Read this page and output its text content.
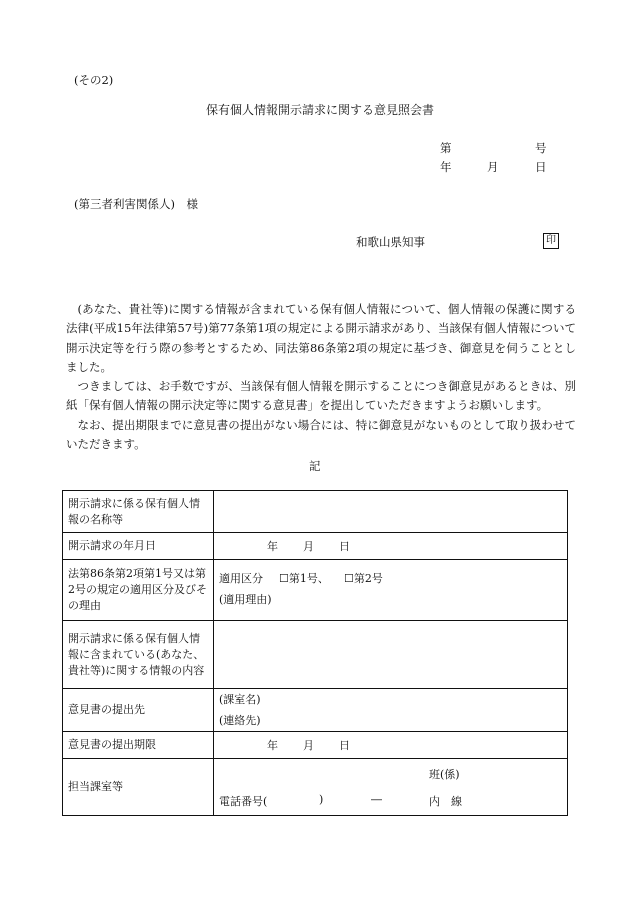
(その2)
保有個人情報開示請求に関する意見照会書
第	号
年	月	日
(第三者利害関係人)　様
和歌山県知事	印

(あなた、貴社等)に関する情報が含まれている保有個人情報について、個人情報の保護に関する法律(平成15年法律第57号)第77条第1項の規定による開示請求があり、当該保有個人情報について開示決定等を行う際の参考とするため、同法第86条第2項の規定に基づき、御意見を伺うこととしました。

つきましては、お手数ですが、当該保有個人情報を開示することにつき御意見があるときは、別紙「保有個人情報の開示決定等に関する意見書」を提出していただきますようお願いします。

なお、提出期限までに意見書の提出がない場合には、特に御意見がないものとして取り扱わせていただきます。

記
開示請求に係る保有個人情報の名称等	
開示請求の年月日	年 月 日

法第86条第2項第1号又は第2号の規定の適用区分及びその理由	適用区分 ☐第1号、 ☐第2号
(適用理由)

開示請求に係る保有個人情報に含まれている(あなた、貴社等)に関する情報の内容	
意見書の提出先	(課室名)
(連絡先)

意見書の提出期限	年 月 日

担当課室等	班(係)
電話番号( ) ― 内　線
